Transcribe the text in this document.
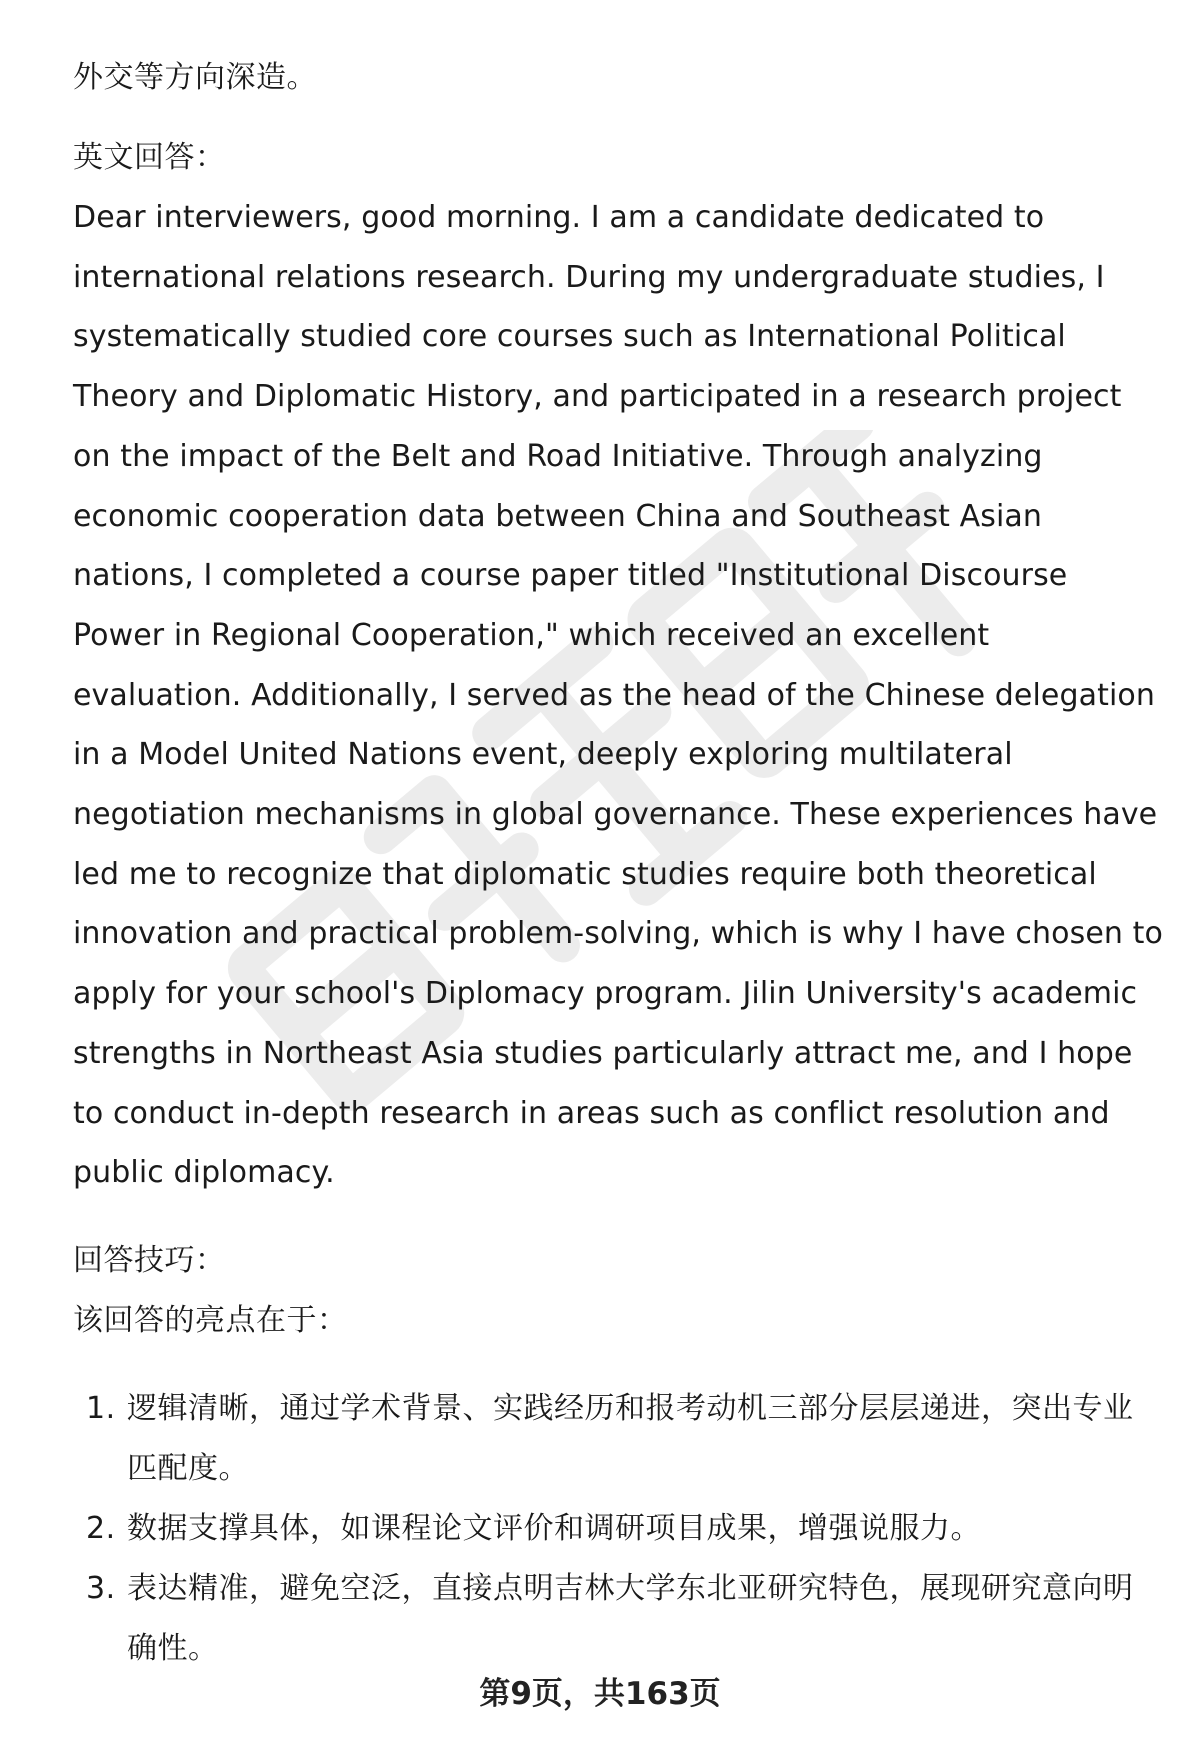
外交等方向深造。

英文回答：

Dear interviewers, good morning. I am a candidate dedicated to international relations research. During my undergraduate studies, I systematically studied core courses such as International Political Theory and Diplomatic History, and participated in a research project on the impact of the Belt and Road Initiative. Through analyzing economic cooperation data between China and Southeast Asian nations, I completed a course paper titled "Institutional Discourse Power in Regional Cooperation," which received an excellent evaluation. Additionally, I served as the head of the Chinese delegation in a Model United Nations event, deeply exploring multilateral negotiation mechanisms in global governance. These experiences have led me to recognize that diplomatic studies require both theoretical innovation and practical problem-solving, which is why I have chosen to apply for your school's Diplomacy program. Jilin University's academic strengths in Northeast Asia studies particularly attract me, and I hope to conduct in-depth research in areas such as conflict resolution and public diplomacy.

回答技巧：

该回答的亮点在于：

1. 逻辑清晰，通过学术背景、实践经历和报考动机三部分层层递进，突出专业匹配度。
2. 数据支撑具体，如课程论文评价和调研项目成果，增强说服力。
3. 表达精准，避免空泛，直接点明吉林大学东北亚研究特色，展现研究意向明确性。
第9页，共163页
